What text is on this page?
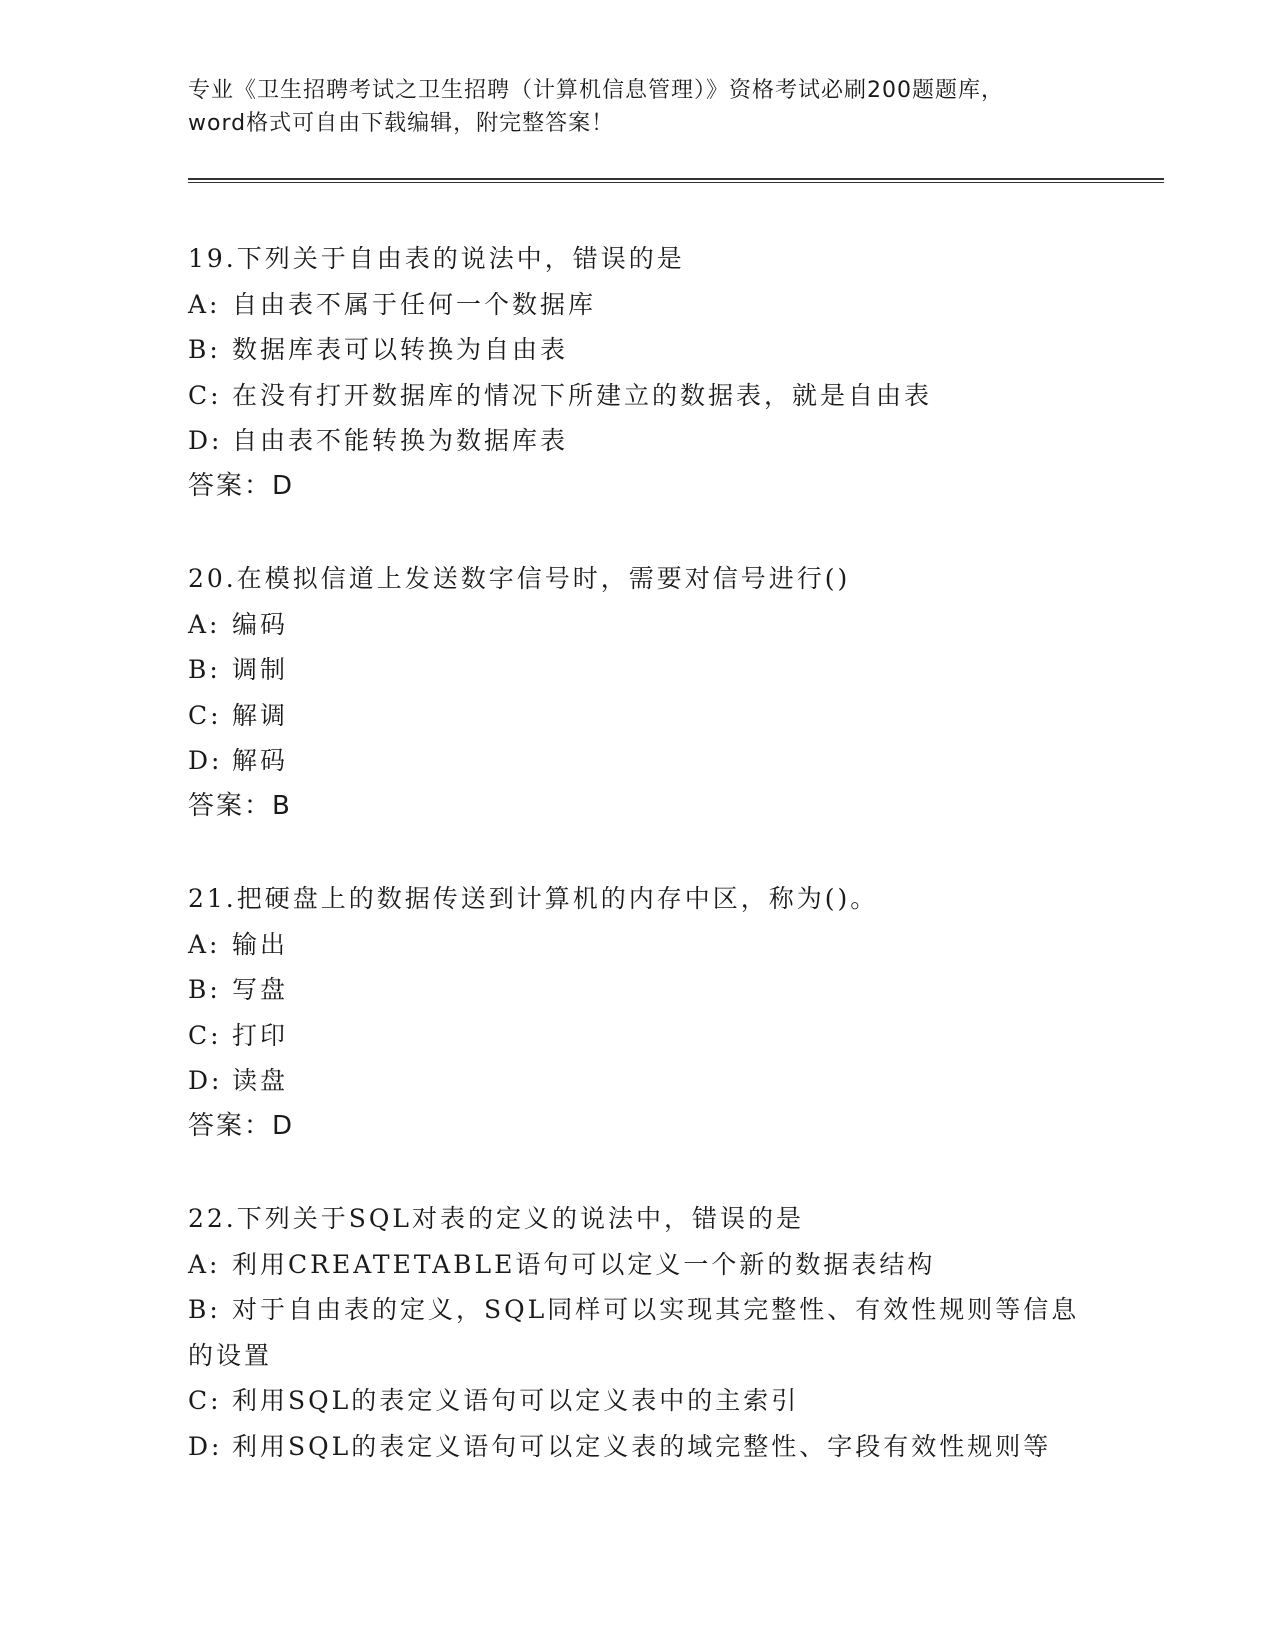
专业《卫生招聘考试之卫生招聘（计算机信息管理）》资格考试必刷200题题库，
word格式可自由下载编辑，附完整答案！
19.下列关于自由表的说法中，错误的是
A: 自由表不属于任何一个数据库
B: 数据库表可以转换为自由表
C: 在没有打开数据库的情况下所建立的数据表，就是自由表
D: 自由表不能转换为数据库表
答案：D
20.在模拟信道上发送数字信号时，需要对信号进行()
A: 编码
B: 调制
C: 解调
D: 解码
答案：B
21.把硬盘上的数据传送到计算机的内存中区，称为()。
A: 输出
B: 写盘
C: 打印
D: 读盘
答案：D
22.下列关于SQL对表的定义的说法中，错误的是
A: 利用CREATETABLE语句可以定义一个新的数据表结构
B: 对于自由表的定义，SQL同样可以实现其完整性、有效性规则等信息的设置
C: 利用SQL的表定义语句可以定义表中的主索引
D: 利用SQL的表定义语句可以定义表的域完整性、字段有效性规则等
